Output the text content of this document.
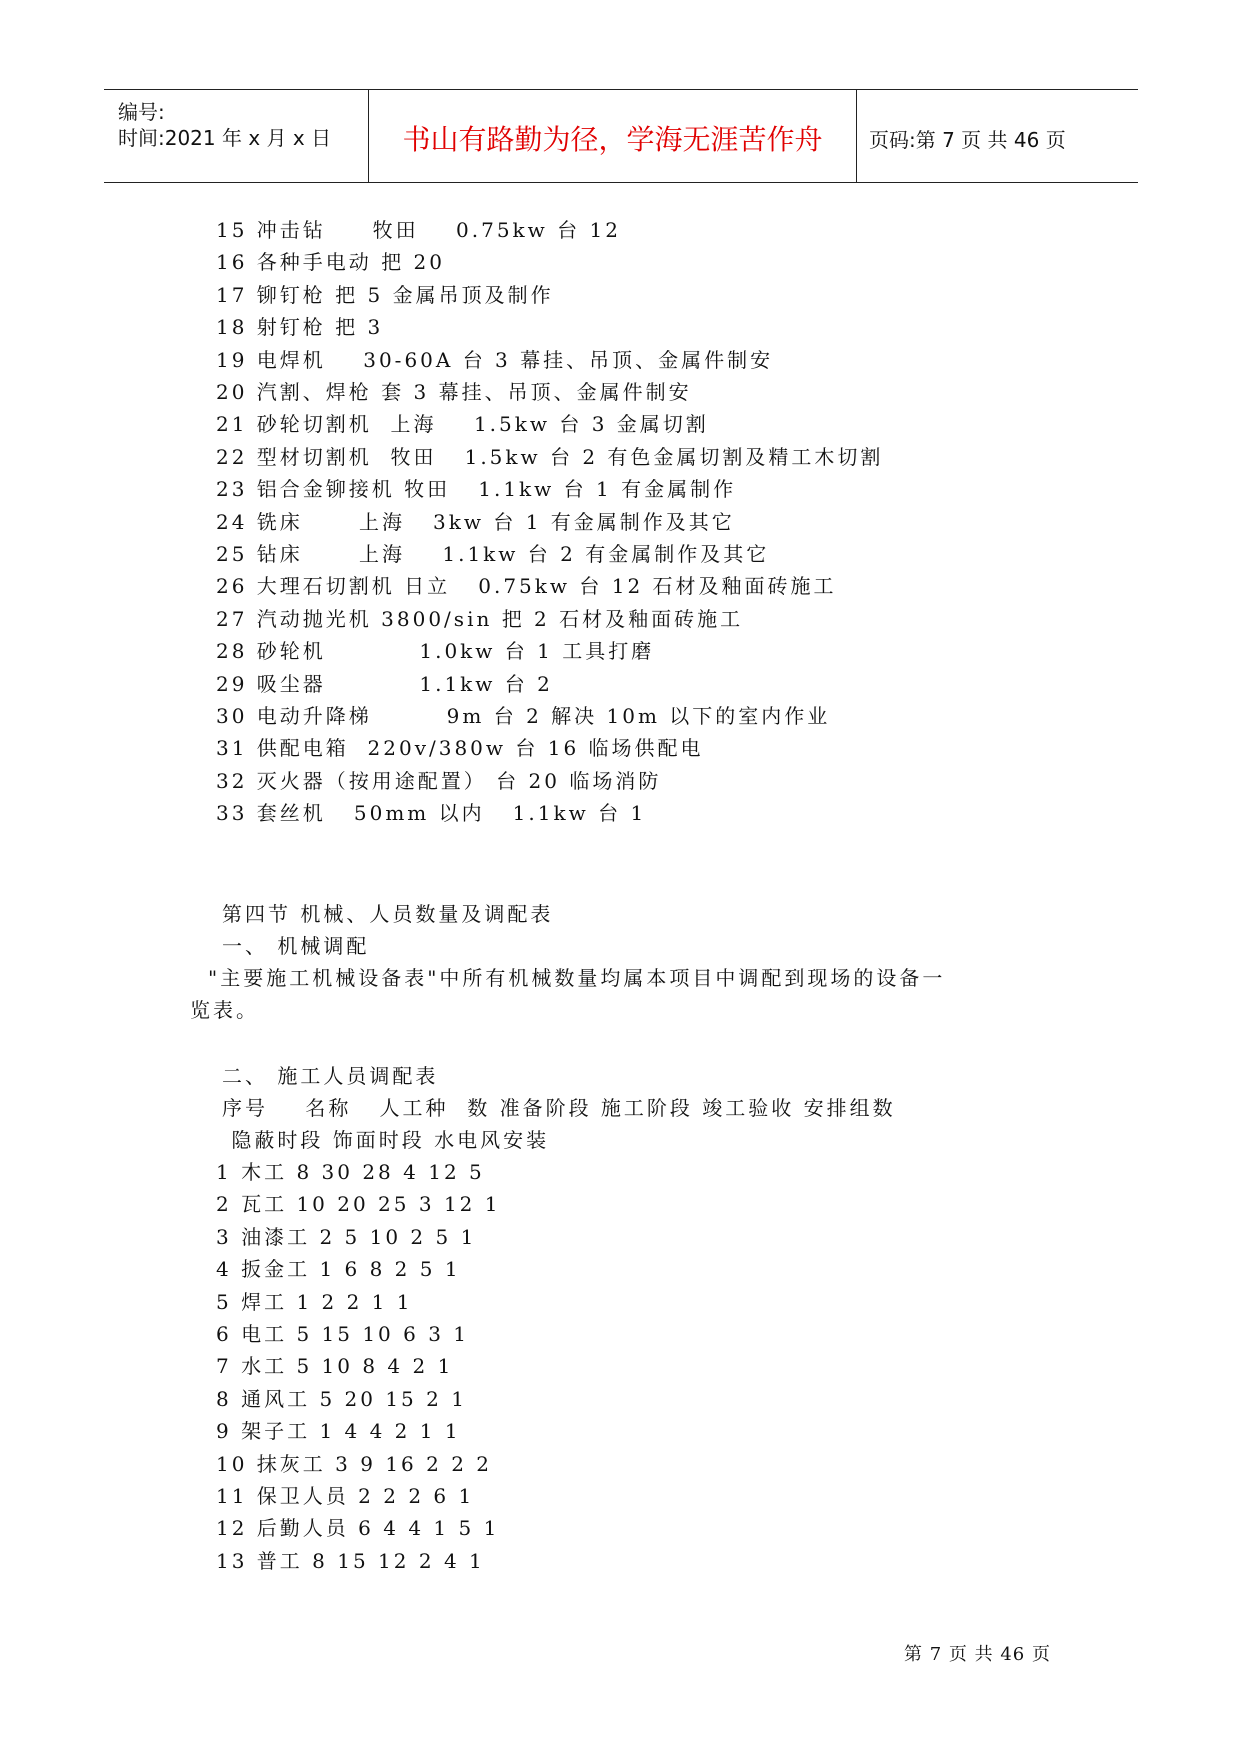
编号:
时间:2021 年 x 月 x 日	书山有路勤为径，学海无涯苦作舟	页码:第 7 页 共 46 页
15 冲击钻     牧田    0.75kw 台 12
16 各种手电动 把 20
17 铆钉枪 把 5 金属吊顶及制作
18 射钉枪 把 3
19 电焊机    30-60A 台 3 幕挂、吊顶、金属件制安
20 汽割、焊枪 套 3 幕挂、吊顶、金属件制安
21 砂轮切割机  上海    1.5kw 台 3 金属切割
22 型材切割机  牧田   1.5kw 台 2 有色金属切割及精工木切割
23 铝合金铆接机 牧田   1.1kw 台 1 有金属制作
24 铣床      上海   3kw 台 1 有金属制作及其它
25 钻床      上海    1.1kw 台 2 有金属制作及其它
26 大理石切割机 日立   0.75kw 台 12 石材及釉面砖施工
27 汽动抛光机 3800/sin 把 2 石材及釉面砖施工
28 砂轮机          1.0kw 台 1 工具打磨
29 吸尘器          1.1kw 台 2
30 电动升降梯        9m 台 2 解决 10m 以下的室内作业
31 供配电箱  220v/380w 台 16 临场供配电
32 灭火器（按用途配置） 台 20 临场消防
33 套丝机   50mm 以内   1.1kw 台 1
第四节 机械、人员数量及调配表
一、 机械调配
"主要施工机械设备表"中所有机械数量均属本项目中调配到现场的设备一
览表。
二、 施工人员调配表
序号    名称   人工种  数 准备阶段 施工阶段 竣工验收 安排组数
隐蔽时段 饰面时段 水电风安装
1 木工 8 30 28 4 12 5
2 瓦工 10 20 25 3 12 1
3 油漆工 2 5 10 2 5 1
4 扳金工 1 6 8 2 5 1
5 焊工 1 2 2 1 1
6 电工 5 15 10 6 3 1
7 水工 5 10 8 4 2 1
8 通风工 5 20 15 2 1
9 架子工 1 4 4 2 1 1
10 抹灰工 3 9 16 2 2 2
11 保卫人员 2 2 2 6 1
12 后勤人员 6 4 4 1 5 1
13 普工 8 15 12 2 4 1
第 7 页 共 46 页
